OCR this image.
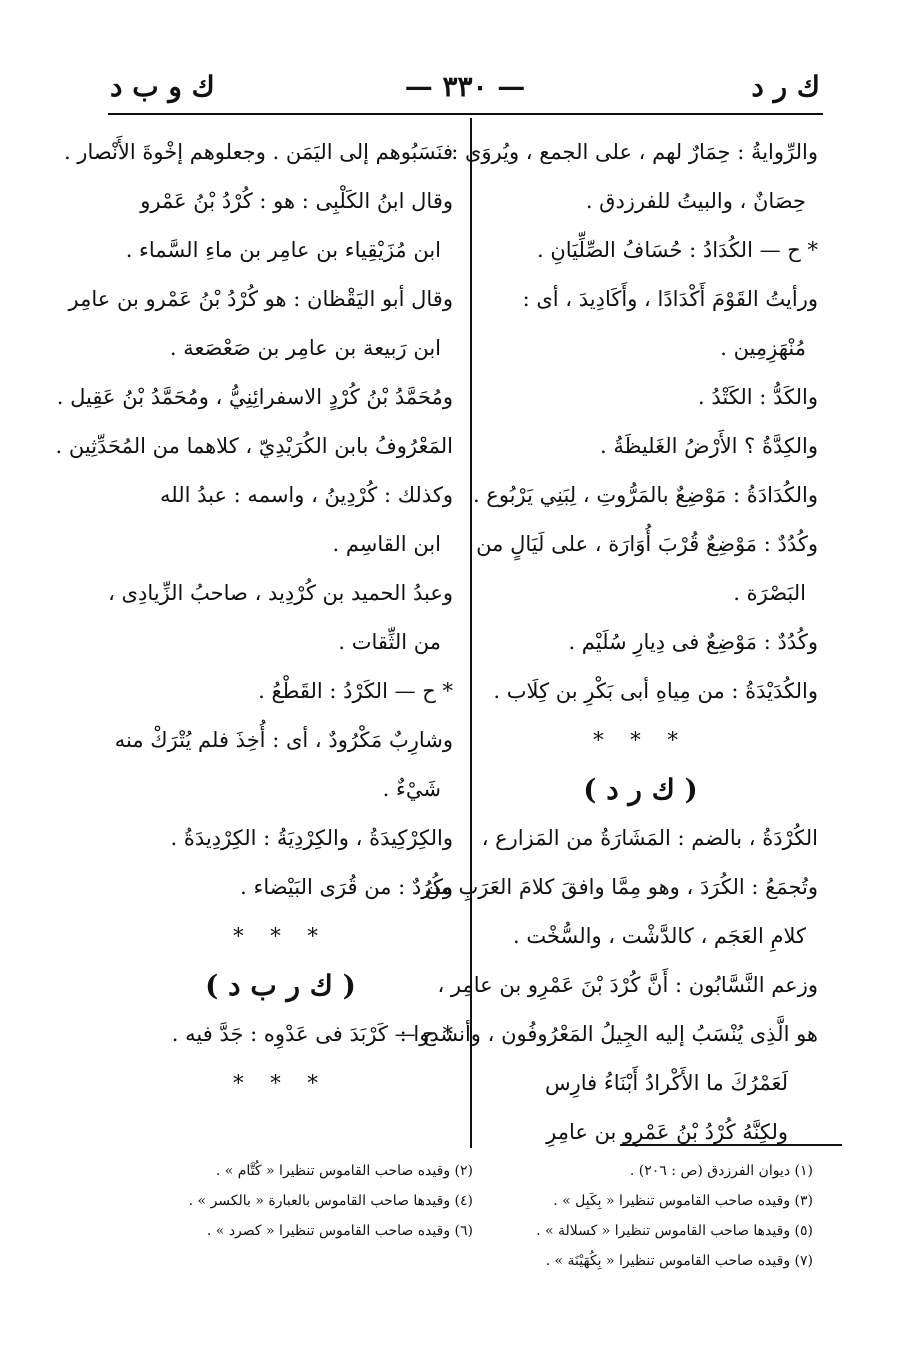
ك ر د
— ٣٣٠ —
ك و ب د
والرِّوايةُ : حِمَارٌ لهم ، على الجمع ، ويُروَى :
حِصَانٌ ، والبيتُ للفرزدق .
* ح — الكُدَادُ : حُسَافُ الصِّلِّيَانِ .
ورأيتُ القَوْمَ أَكْدَادًا ، وأَكَادِيدَ ، أى :
مُنْهَزِمِين .
والكَدُّ : الكَتْدُ .
والكِدَّةُ ؟ الأَرْضُ الغَليظَةُ .
والكُدَادَةُ : مَوْضِعٌ بالمَرُّوتِ ، لِبَنِي يَرْبُوع .
وكُدُدٌ : مَوْضِعٌ قُرْبَ أُوَارَة ، على لَيَالٍ من
البَصْرَة .
وكُدُدٌ : مَوْضِعٌ فى دِيارِ سُلَيْم .
والكُدَيْدَةُ : من مِياهِ أبى بَكْرِ بن كِلَاب .
* * *
( ك ر د )
الكُرْدَةُ ، بالضم : المَشَارَةُ من المَزارع ،
وتُجمَعُ : الكُرَدَ ، وهو مِمَّا وافقَ كلامَ العَرَبِ من
كلامِ العَجَم ، كالدَّشْت ، والسُّخْت .
وزعم النَّسَّابُون : أَنَّ كُرْدَ بْنَ عَمْرِو بن عامِر ،
هو الَّذِى يُنْسَبُ إليه الجِيلُ المَعْرُوفُون ، وأنشدوا :
لَعَمْرُكَ ما الأَكْرادُ أَبْنَاءُ فارِس
ولكِنَّهُ كُرْدُ بْنُ عَمْرِو بن عامِرِ
فنَسَبُوهم إلى اليَمَن . وجعلوهم إخْوةَ الأَنْصار .
وقال ابنُ الكَلْبِى : هو : كُرْدُ بْنُ عَمْرو
ابن مُزَيْقِياء بن عامِر بن ماءِ السَّماء .
وقال أبو اليَقْظان : هو كُرْدُ بْنُ عَمْرو بن عامِر
ابن رَبيعة بن عامِر بن صَعْصَعة .
ومُحَمَّدُ بْنُ كُرْدٍ الاسفرائِنِيُّ ، ومُحَمَّدُ بْنُ عَقِيل .
المَعْرُوفُ بابن الكُرَيْدِيّ ، كلاهما من المُحَدِّثِين .
وكذلك : كُرْدِينُ ، واسمه : عبدُ الله
ابن القاسِم .
وعبدُ الحميد بن كُرْدِيد ، صاحبُ الزِّيادِى ،
من الثِّقات .
* ح — الكَرْدُ : القَطْعُ .
وشارِبٌ مَكْرُودٌ ، أى : أُخِذَ فلم يُتْرَكْ منه
شَيْءٌ .
والكِرْكِيدَةُ ، والكِرْدِيَةُ : الكِرْدِيدَةُ .
وكُرُدٌ : من قُرَى البَيْضاء .
* * *
( ك ر ب د )
* ح — كَرْبَدَ فى عَدْوِه : جَدَّ فيه .
* * *
(١) ديوان الفرزدق (ص : ٢٠٦) .
(٣) وقيده صاحب القاموس تنظيرا « بِكَبِل » .
(٥) وقيدها صاحب القاموس تنظيرا « كسلالة » .
(٧) وقيده صاحب القاموس تنظيرا « بِكُهَيْنَة » .
(٢) وقيده صاحب القاموس تنظيرا « كُتَّام » .
(٤) وقيدها صاحب القاموس بالعبارة « بالكسر » .
(٦) وقيده صاحب القاموس تنظيرا « كصرد » .
